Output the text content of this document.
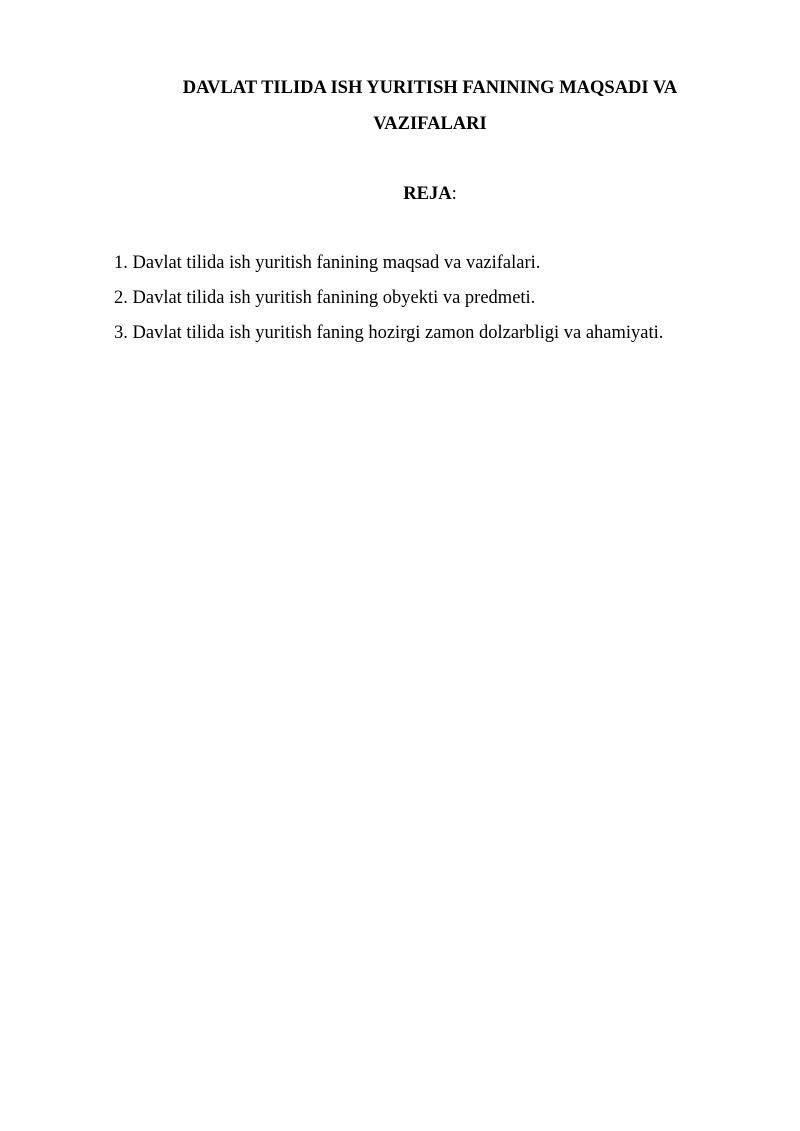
DAVLAT TILIDA ISH YURITISH FANINING MAQSADI VA
VAZIFALARI
REJA:
1. Davlat tilida ish yuritish fanining maqsad va vazifalari.
2. Davlat tilida ish yuritish fanining obyekti va predmeti.
3. Davlat tilida ish yuritish faning hozirgi zamon dolzarbligi va ahamiyati.
